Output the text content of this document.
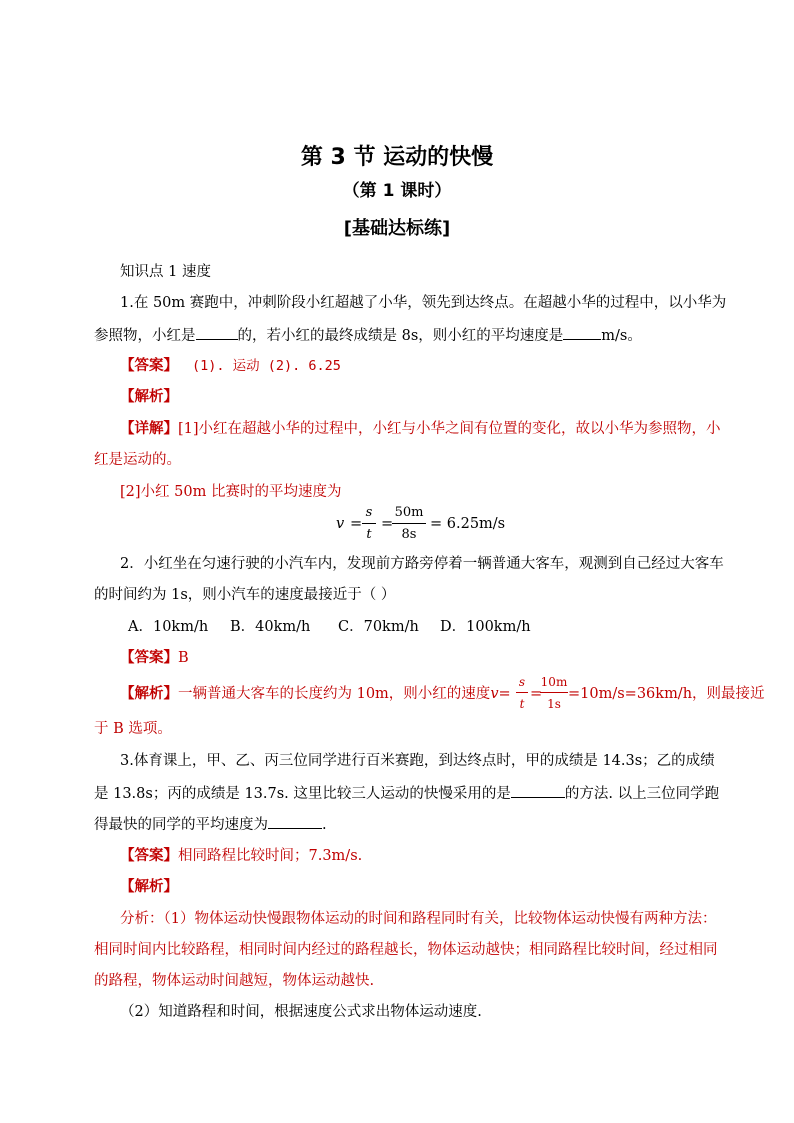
第 3 节 运动的快慢
（第 1 课时）
[基础达标练]
知识点 1 速度
1.在 50m 赛跑中，冲刺阶段小红超越了小华，领先到达终点。在超越小华的过程中，以小华为
参照物，小红是	的，若小红的最终成绩是 8s，则小红的平均速度是	m/s。
【答案】 (1). 运动 (2). 6.25
【解析】
【详解】[1]小红在超越小华的过程中，小红与小华之间有位置的变化，故以小华为参照物，小
红是运动的。
[2]小红 50m 比赛时的平均速度为
v =
s
t
=
50m
8s
= 6.25m/s
2．小红坐在匀速行驶的小汽车内，发现前方路旁停着一辆普通大客车，观测到自己经过大客车
的时间约为 1s，则小汽车的速度最接近于（ ）
A．10km/h B．40km/h C．70km/h D．100km/h
【答案】B
【解析】一辆普通大客车的长度约为 10m，则小红的速度v=
s
t
=
10m
1s
=10m/s=36km/h，则最接近
于 B 选项。
3.体育课上，甲、乙、丙三位同学进行百米赛跑，到达终点时，甲的成绩是 14.3s；乙的成绩
是 13.8s；丙的成绩是 13.7s. 这里比较三人运动的快慢采用的是	的方法. 以上三位同学跑
得最快的同学的平均速度为	.
【答案】相同路程比较时间；7.3m/s.
【解析】
分析：（1）物体运动快慢跟物体运动的时间和路程同时有关，比较物体运动快慢有两种方法：
相同时间内比较路程，相同时间内经过的路程越长，物体运动越快；相同路程比较时间，经过相同
的路程，物体运动时间越短，物体运动越快.
（2）知道路程和时间，根据速度公式求出物体运动速度.
